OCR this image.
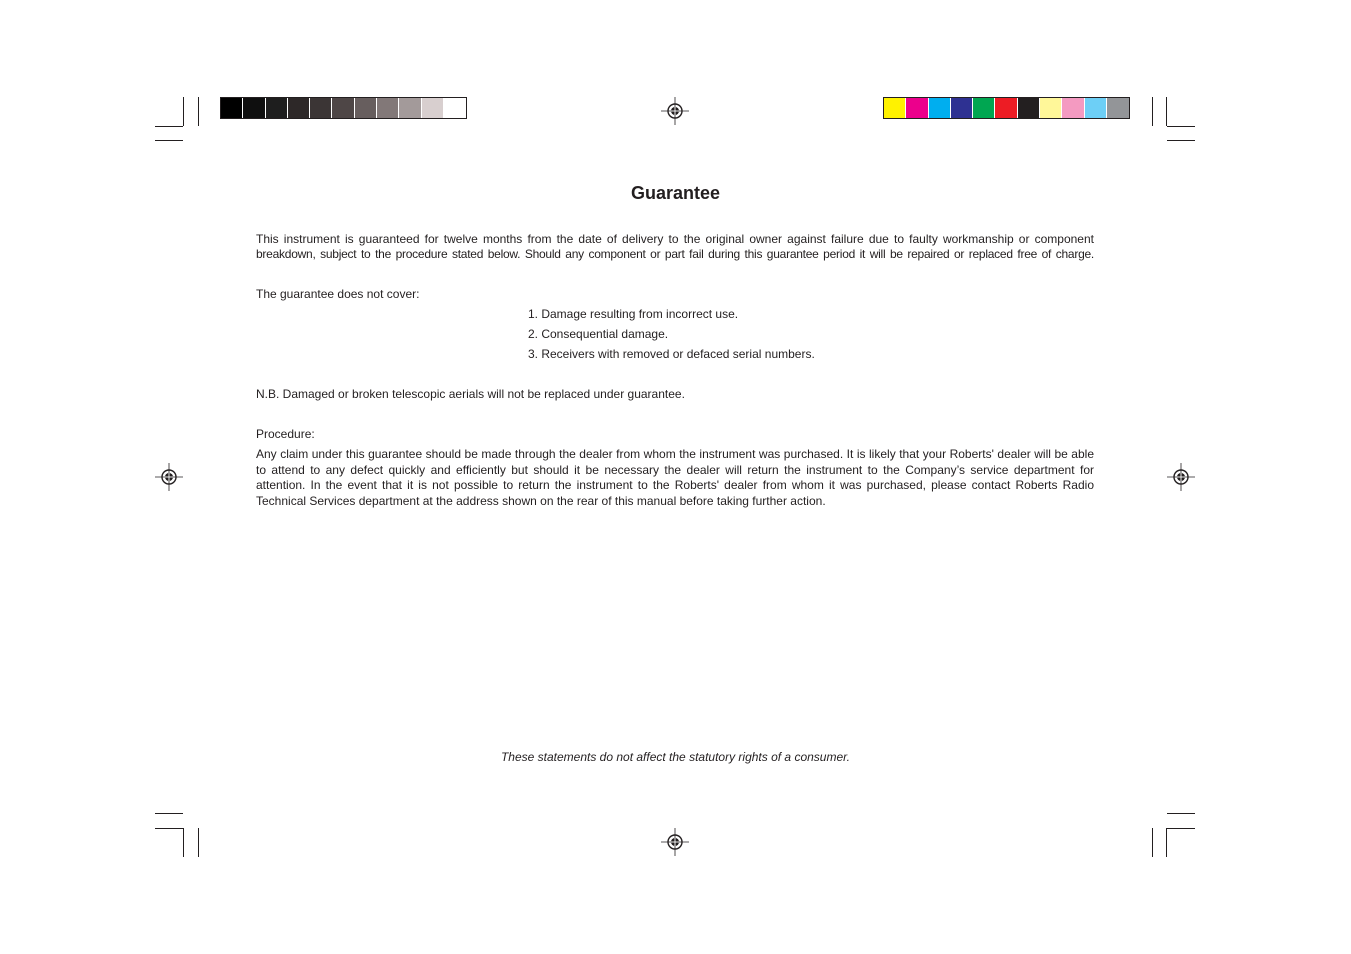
Guarantee

This instrument is guaranteed for twelve months from the date of delivery to the original owner against failure due to faulty workmanship or component

breakdown, subject to the procedure stated below. Should any component or part fail during this guarantee period it will be repaired or replaced free of charge.

The guarantee does not cover:

1. Damage resulting from incorrect use.

2. Consequential damage.

3. Receivers with removed or defaced serial numbers.

N.B. Damaged or broken telescopic aerials will not be replaced under guarantee.

Procedure:

Any claim under this guarantee should be made through the dealer from whom the instrument was purchased. It is likely that your Roberts' dealer will be able to attend to any defect quickly and efficiently but should it be necessary the dealer will return the instrument to the Company’s service department for attention. In the event that it is not possible to return the instrument to the Roberts' dealer from whom it was purchased, please contact Roberts Radio Technical Services department at the address shown on the rear of this manual before taking further action.

These statements do not affect the statutory rights of a consumer.
